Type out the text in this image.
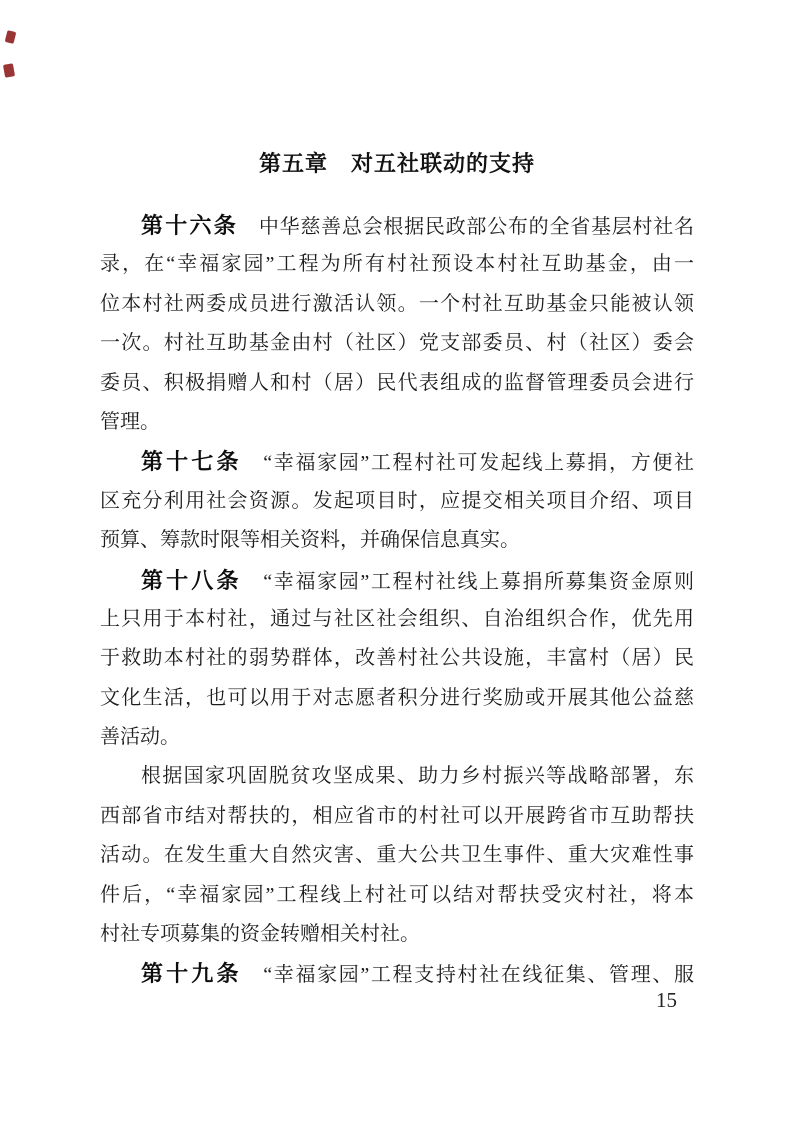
第五章　对五社联动的支持
第十六条　 中华慈善总会根据民政部公布的全省基层村社名
录，在“幸福家园”工程为所有村社预设本村社互助基金，由一
位本村社两委成员进行激活认领。一个村社互助基金只能被认领
一次。村社互助基金由村（社区）党支部委员、村（社区）委会
委员、积极捐赠人和村（居）民代表组成的监督管理委员会进行
管理。
第十七条　 “幸福家园”工程村社可发起线上募捐，方便社
区充分利用社会资源。发起项目时，应提交相关项目介绍、项目
预算、筹款时限等相关资料，并确保信息真实。
第十八条　 “幸福家园”工程村社线上募捐所募集资金原则
上只用于本村社，通过与社区社会组织、自治组织合作，优先用
于救助本村社的弱势群体，改善村社公共设施，丰富村（居）民
文化生活，也可以用于对志愿者积分进行奖励或开展其他公益慈
善活动。
根据国家巩固脱贫攻坚成果、助力乡村振兴等战略部署，东
西部省市结对帮扶的，相应省市的村社可以开展跨省市互助帮扶
活动。在发生重大自然灾害、重大公共卫生事件、重大灾难性事
件后，“幸福家园”工程线上村社可以结对帮扶受灾村社，将本
村社专项募集的资金转赠相关村社。
第十九条　 “幸福家园”工程支持村社在线征集、管理、服
15
